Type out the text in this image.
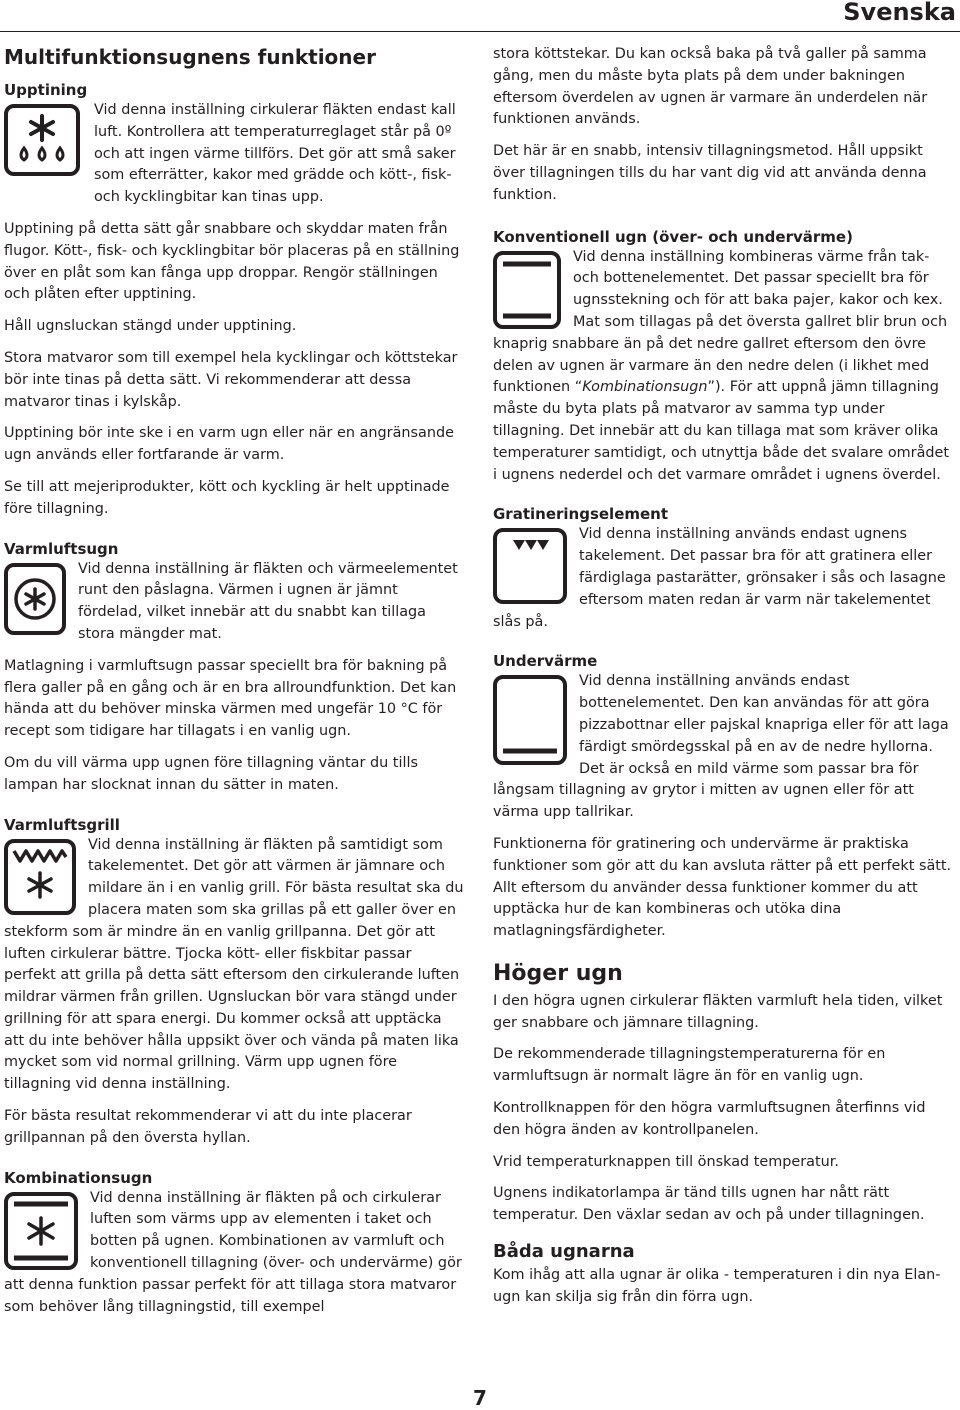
Svenska
Multifunktionsugnens funktioner
Upptining

Vid denna inställning cirkulerar fläkten endast kall luft. Kontrollera att temperaturreglaget står på 0º och att ingen värme tillförs. Det gör att små saker som efterrätter, kakor med grädde och kött-, fisk- och kycklingbitar kan tinas upp.

Upptining på detta sätt går snabbare och skyddar maten från flugor. Kött-, fisk- och kycklingbitar bör placeras på en ställning över en plåt som kan fånga upp droppar. Rengör ställningen och plåten efter upptining.

Håll ugnsluckan stängd under upptining.

Stora matvaror som till exempel hela kycklingar och köttstekar bör inte tinas på detta sätt. Vi rekommenderar att dessa matvaror tinas i kylskåp.

Upptining bör inte ske i en varm ugn eller när en angränsande ugn används eller fortfarande är varm.

Se till att mejeriprodukter, kött och kyckling är helt upptinade före tillagning.

Varmluftsugn

Vid denna inställning är fläkten och värmeelementet runt den påslagna. Värmen i ugnen är jämnt fördelad, vilket innebär att du snabbt kan tillaga stora mängder mat.

Matlagning i varmluftsugn passar speciellt bra för bakning på flera galler på en gång och är en bra allroundfunktion. Det kan hända att du behöver minska värmen med ungefär 10 °C för recept som tidigare har tillagats i en vanlig ugn.

Om du vill värma upp ugnen före tillagning väntar du tills lampan har slocknat innan du sätter in maten.

Varmluftsgrill

Vid denna inställning är fläkten på samtidigt som takelementet. Det gör att värmen är jämnare och mildare än i en vanlig grill. För bästa resultat ska du placera maten som ska grillas på ett galler över en stekform som är mindre än en vanlig grillpanna. Det gör att luften cirkulerar bättre. Tjocka kött- eller fiskbitar passar perfekt att grilla på detta sätt eftersom den cirkulerande luften mildrar värmen från grillen. Ugnsluckan bör vara stängd under grillning för att spara energi. Du kommer också att upptäcka att du inte behöver hålla uppsikt över och vända på maten lika mycket som vid normal grillning. Värm upp ugnen före tillagning vid denna inställning.

För bästa resultat rekommenderar vi att du inte placerar grillpannan på den översta hyllan.

Kombinationsugn

Vid denna inställning är fläkten på och cirkulerar luften som värms upp av elementen i taket och botten på ugnen. Kombinationen av varmluft och konventionell tillagning (över- och undervärme) gör att denna funktion passar perfekt för att tillaga stora matvaror som behöver lång tillagningstid, till exempel

stora köttstekar. Du kan också baka på två galler på samma gång, men du måste byta plats på dem under bakningen eftersom överdelen av ugnen är varmare än underdelen när funktionen används.

Det här är en snabb, intensiv tillagningsmetod. Håll uppsikt över tillagningen tills du har vant dig vid att använda denna funktion.

Konventionell ugn (över- och undervärme)

Vid denna inställning kombineras värme från tak- och bottenelementet. Det passar speciellt bra för ugnsstekning och för att baka pajer, kakor och kex. Mat som tillagas på det översta gallret blir brun och knaprig snabbare än på det nedre gallret eftersom den övre delen av ugnen är varmare än den nedre delen (i likhet med funktionen “Kombinationsugn”). För att uppnå jämn tillagning måste du byta plats på matvaror av samma typ under tillagning. Det innebär att du kan tillaga mat som kräver olika temperaturer samtidigt, och utnyttja både det svalare området i ugnens nederdel och det varmare området i ugnens överdel.

Gratineringselement

Vid denna inställning används endast ugnens takelement. Det passar bra för att gratinera eller färdiglaga pastarätter, grönsaker i sås och lasagne eftersom maten redan är varm när takelementet slås på.

Undervärme

Vid denna inställning används endast bottenelementet. Den kan användas för att göra pizzabottnar eller pajskal knapriga eller för att laga färdigt smördegsskal på en av de nedre hyllorna. Det är också en mild värme som passar bra för långsam tillagning av grytor i mitten av ugnen eller för att värma upp tallrikar.

Funktionerna för gratinering och undervärme är praktiska funktioner som gör att du kan avsluta rätter på ett perfekt sätt. Allt eftersom du använder dessa funktioner kommer du att upptäcka hur de kan kombineras och utöka dina matlagningsfärdigheter.

Höger ugn

I den högra ugnen cirkulerar fläkten varmluft hela tiden, vilket ger snabbare och jämnare tillagning.

De rekommenderade tillagningstemperaturerna för en varmluftsugn är normalt lägre än för en vanlig ugn.

Kontrollknappen för den högra varmluftsugnen återfinns vid den högra änden av kontrollpanelen.

Vrid temperaturknappen till önskad temperatur.

Ugnens indikatorlampa är tänd tills ugnen har nått rätt temperatur. Den växlar sedan av och på under tillagningen.

Båda ugnarna

Kom ihåg att alla ugnar är olika - temperaturen i din nya Elan-ugn kan skilja sig från din förra ugn.

7
